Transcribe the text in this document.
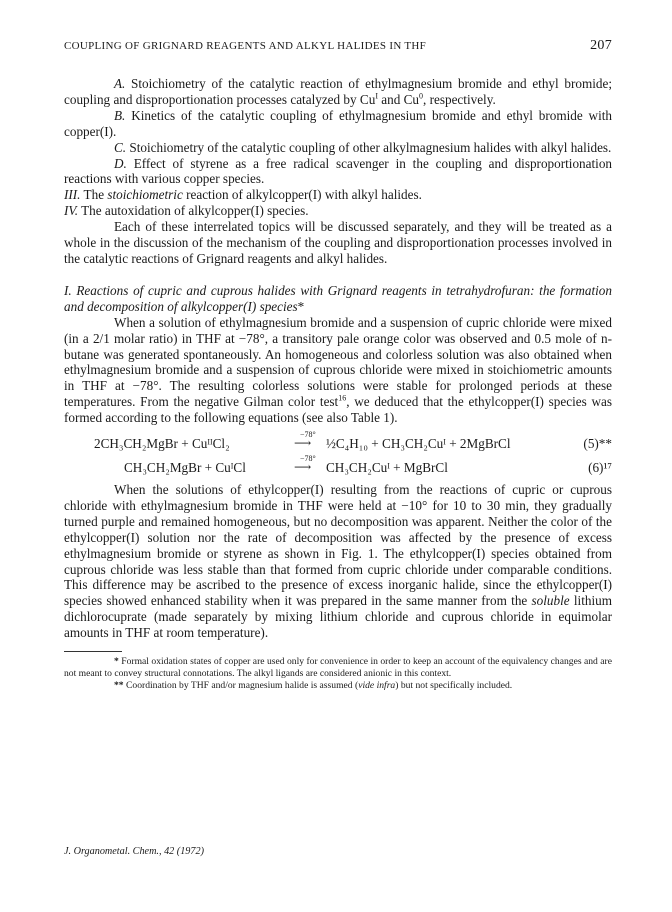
COUPLING OF GRIGNARD REAGENTS AND ALKYL HALIDES IN THF	207

A. Stoichiometry of the catalytic reaction of ethylmagnesium bromide and ethyl bromide; coupling and disproportionation processes catalyzed by $Cu^I$ and Cu$^0$, respectively.

B. Kinetics of the catalytic coupling of ethylmagnesium bromide and ethyl bromide with copper(I).

C. Stoichiometry of the catalytic coupling of other alkylmagnesium halides with alkyl halides.

D. Effect of styrene as a free radical scavenger in the coupling and disproportionation reactions with various copper species.

III. The stoichiometric reaction of alkylcopper(I) with alkyl halides.

IV. The autoxidation of alkylcopper(I) species.

Each of these interrelated topics will be discussed separately, and they will be treated as a whole in the discussion of the mechanism of the coupling and disproportionation processes involved in the catalytic reactions of Grignard reagents and alkyl halides.

I. Reactions of cupric and cuprous halides with Grignard reagents in tetrahydrofuran: the formation and decomposition of alkylcopper(I) species*

When a solution of ethylmagnesium bromide and a suspension of cupric chloride were mixed (in a 2/1 molar ratio) in THF at −78°, a transitory pale orange color was observed and 0.5 mole of n-butane was generated spontaneously. An homogeneous and colorless solution was also obtained when ethylmagnesium bromide and a suspension of cuprous chloride were mixed in stoichiometric amounts in THF at −78°. The resulting colorless solutions were stable for prolonged periods at these temperatures. From the negative Gilman color test$^{16}$, we deduced that the ethylcopper(I) species was formed according to the following equations (see also Table 1).

2CH₃CH₂MgBr + CuᴵᴵCl₂
−78°
⟶ ½C₄H₁₀ + CH₃CH₂Cuᴵ + 2MgBrCl	(5)**
CH₃CH₂MgBr + CuᴵCl
−78°
⟶ CH₃CH₂Cuᴵ + MgBrCl	(6)¹⁷

When the solutions of ethylcopper(I) resulting from the reactions of cupric or cuprous chloride with ethylmagnesium bromide in THF were held at −10° for 10 to 30 min, they gradually turned purple and remained homogeneous, but no decomposition was apparent. Neither the color of the ethylcopper(I) solution nor the rate of decomposition was affected by the presence of excess ethylmagnesium bromide or styrene as shown in Fig. 1. The ethylcopper(I) species obtained from cuprous chloride was less stable than that formed from cupric chloride under comparable conditions. This difference may be ascribed to the presence of excess inorganic halide, since the ethylcopper(I) species showed enhanced stability when it was prepared in the same manner from the soluble lithium dichlorocuprate (made separately by mixing lithium chloride and cuprous chloride in equimolar amounts in THF at room temperature).

* Formal oxidation states of copper are used only for convenience in order to keep an account of the equivalency changes and are not meant to convey structural connotations. The alkyl ligands are considered anionic in this context.

** Coordination by THF and/or magnesium halide is assumed (vide infra) but not specifically included.

J. Organometal. Chem., 42 (1972)
